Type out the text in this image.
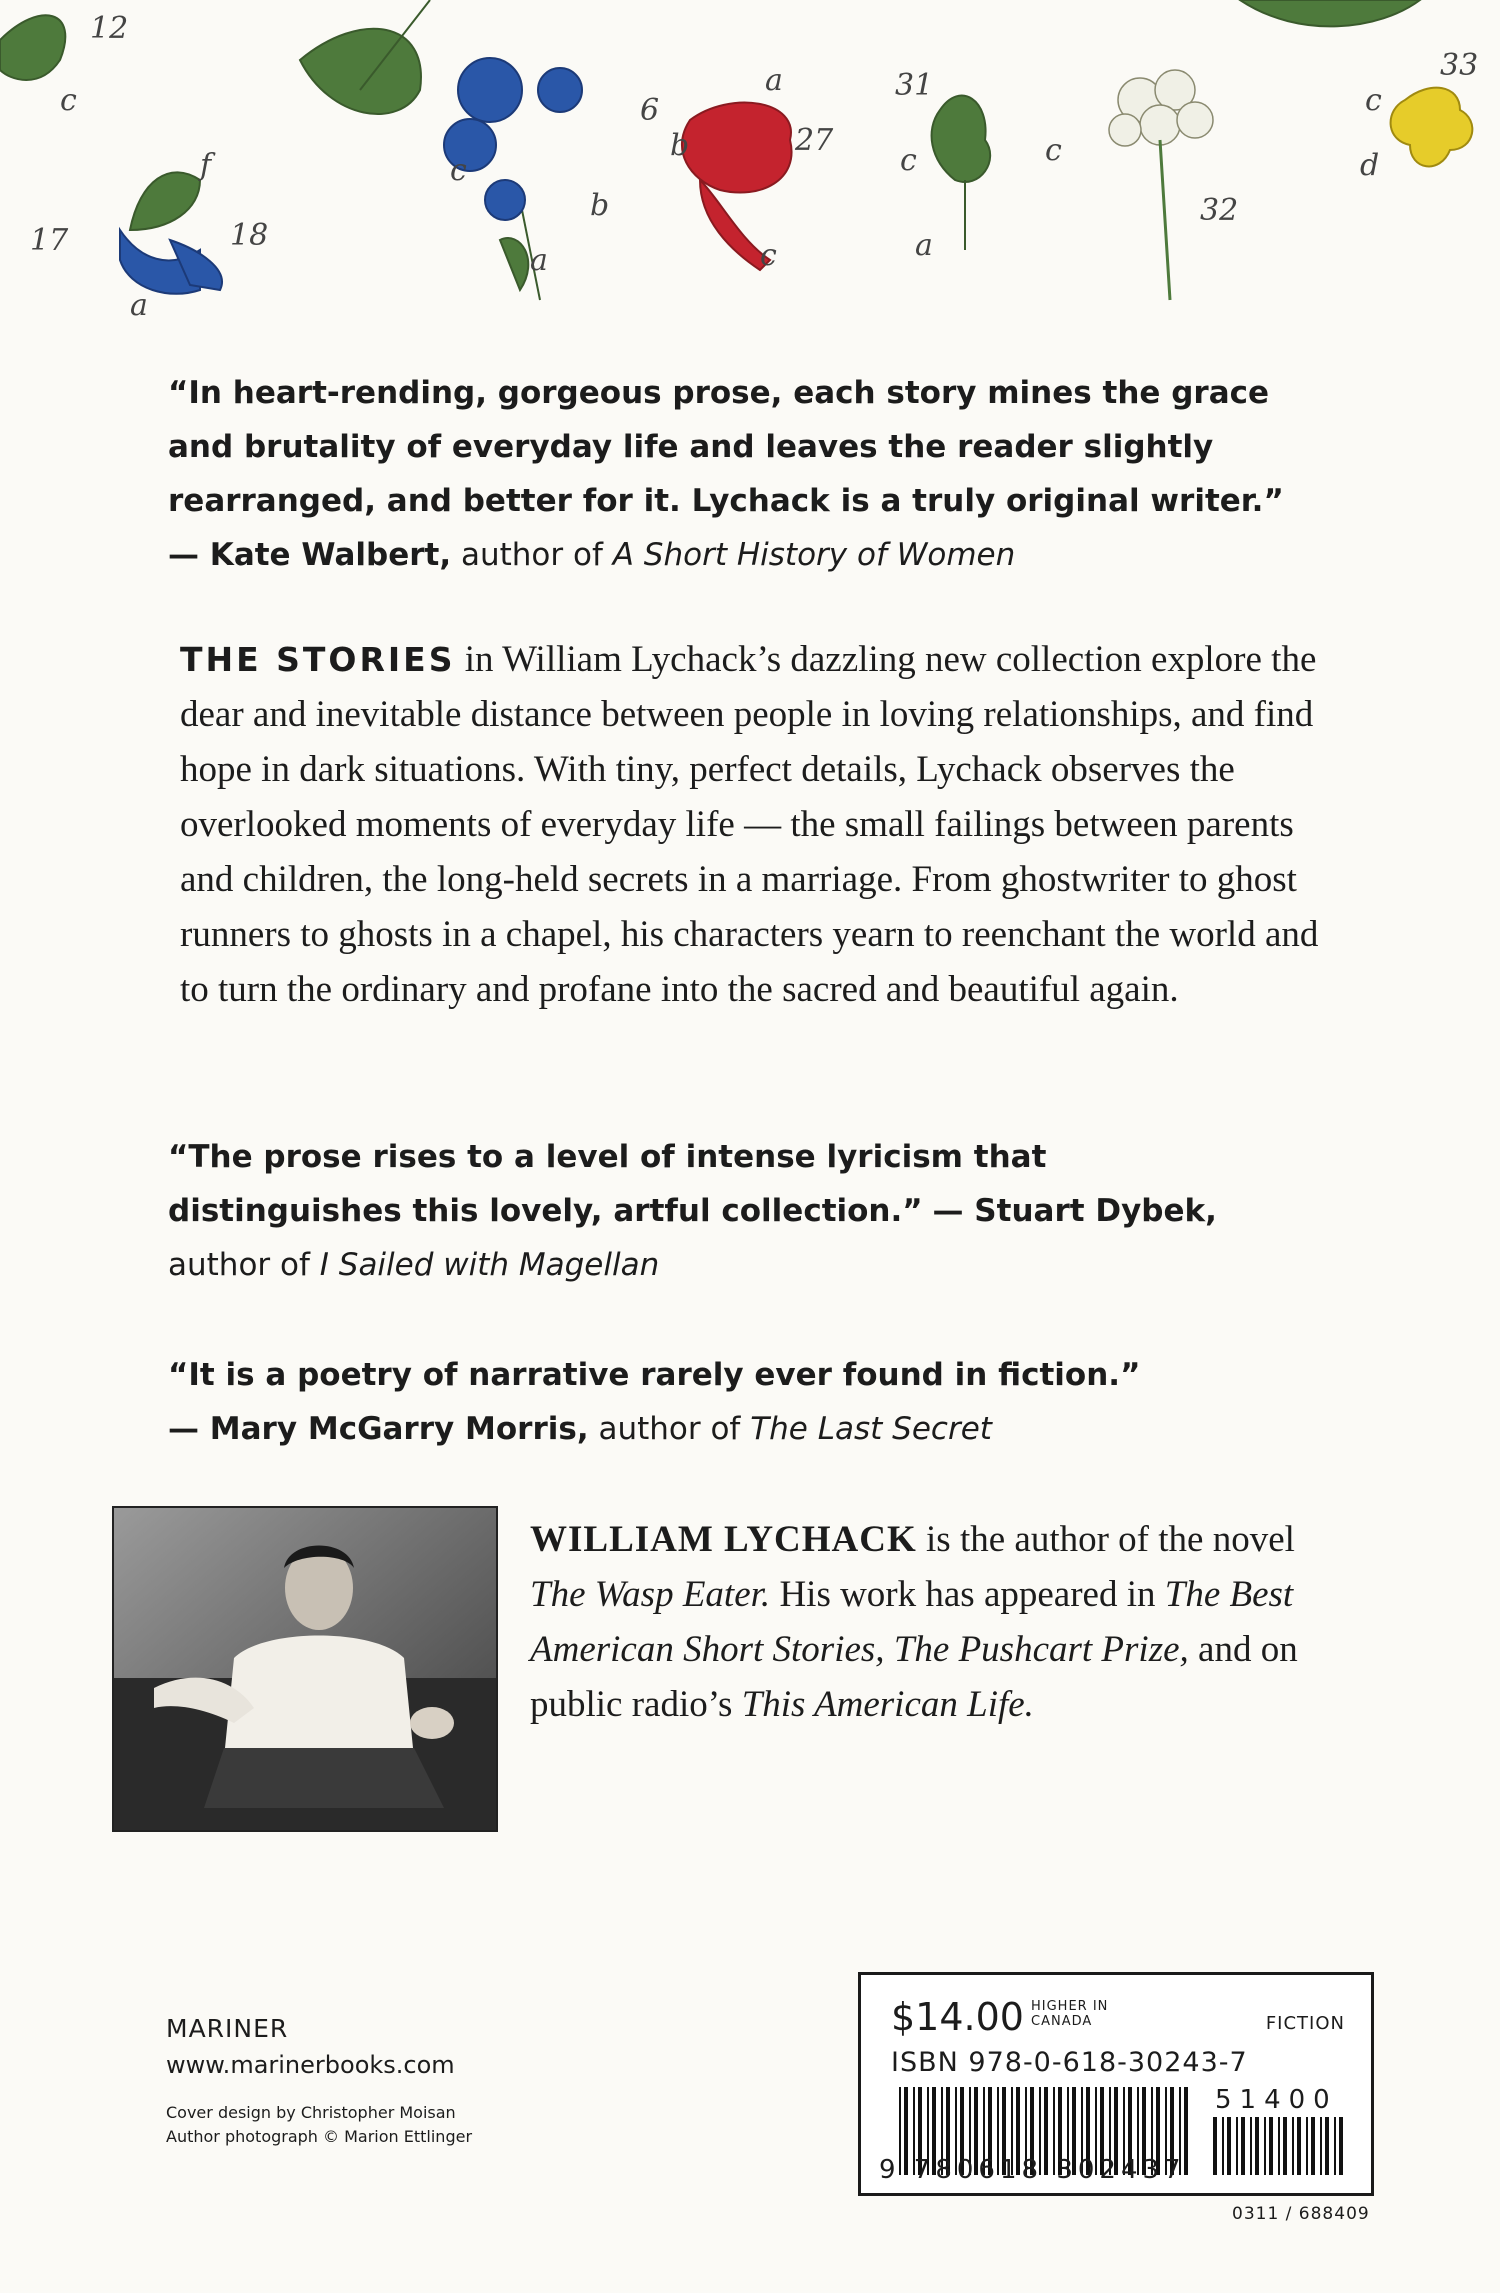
12
c
17
f
18
a
c
b
a
6
a
b	27
c
31
c	c
a
32
33
c
d
“In heart-rending, gorgeous prose, each story mines the grace and brutality of everyday life and leaves the reader slightly rearranged, and better for it. Lychack is a truly original writer.”
— Kate Walbert, author of A Short History of Women
THE STORIES in William Lychack’s dazzling new collection explore the dear and inevitable distance between people in loving relationships, and find hope in dark situations. With tiny, perfect details, Lychack observes the overlooked moments of everyday life — the small failings between parents and children, the long-held secrets in a marriage. From ghostwriter to ghost runners to ghosts in a chapel, his characters yearn to reenchant the world and to turn the ordinary and profane into the sacred and beautiful again.
“The prose rises to a level of intense lyricism that distinguishes this lovely, artful collection.” — Stuart Dybek, author of I Sailed with Magellan
“It is a poetry of narrative rarely ever found in fiction.”
— Mary McGarry Morris, author of The Last Secret
WILLIAM LYCHACK is the author of the novel The Wasp Eater. His work has appeared in The Best American Short Stories, The Pushcart Prize, and on public radio’s This American Life.
MARINER
www.marinerbooks.com
Cover design by Christopher Moisan
Author photograph © Marion Ettlinger
$14.00 HIGHER IN
CANADA	FICTION
ISBN 978-0-618-30243-7
9 780618 302437
51400
0311 / 688409
